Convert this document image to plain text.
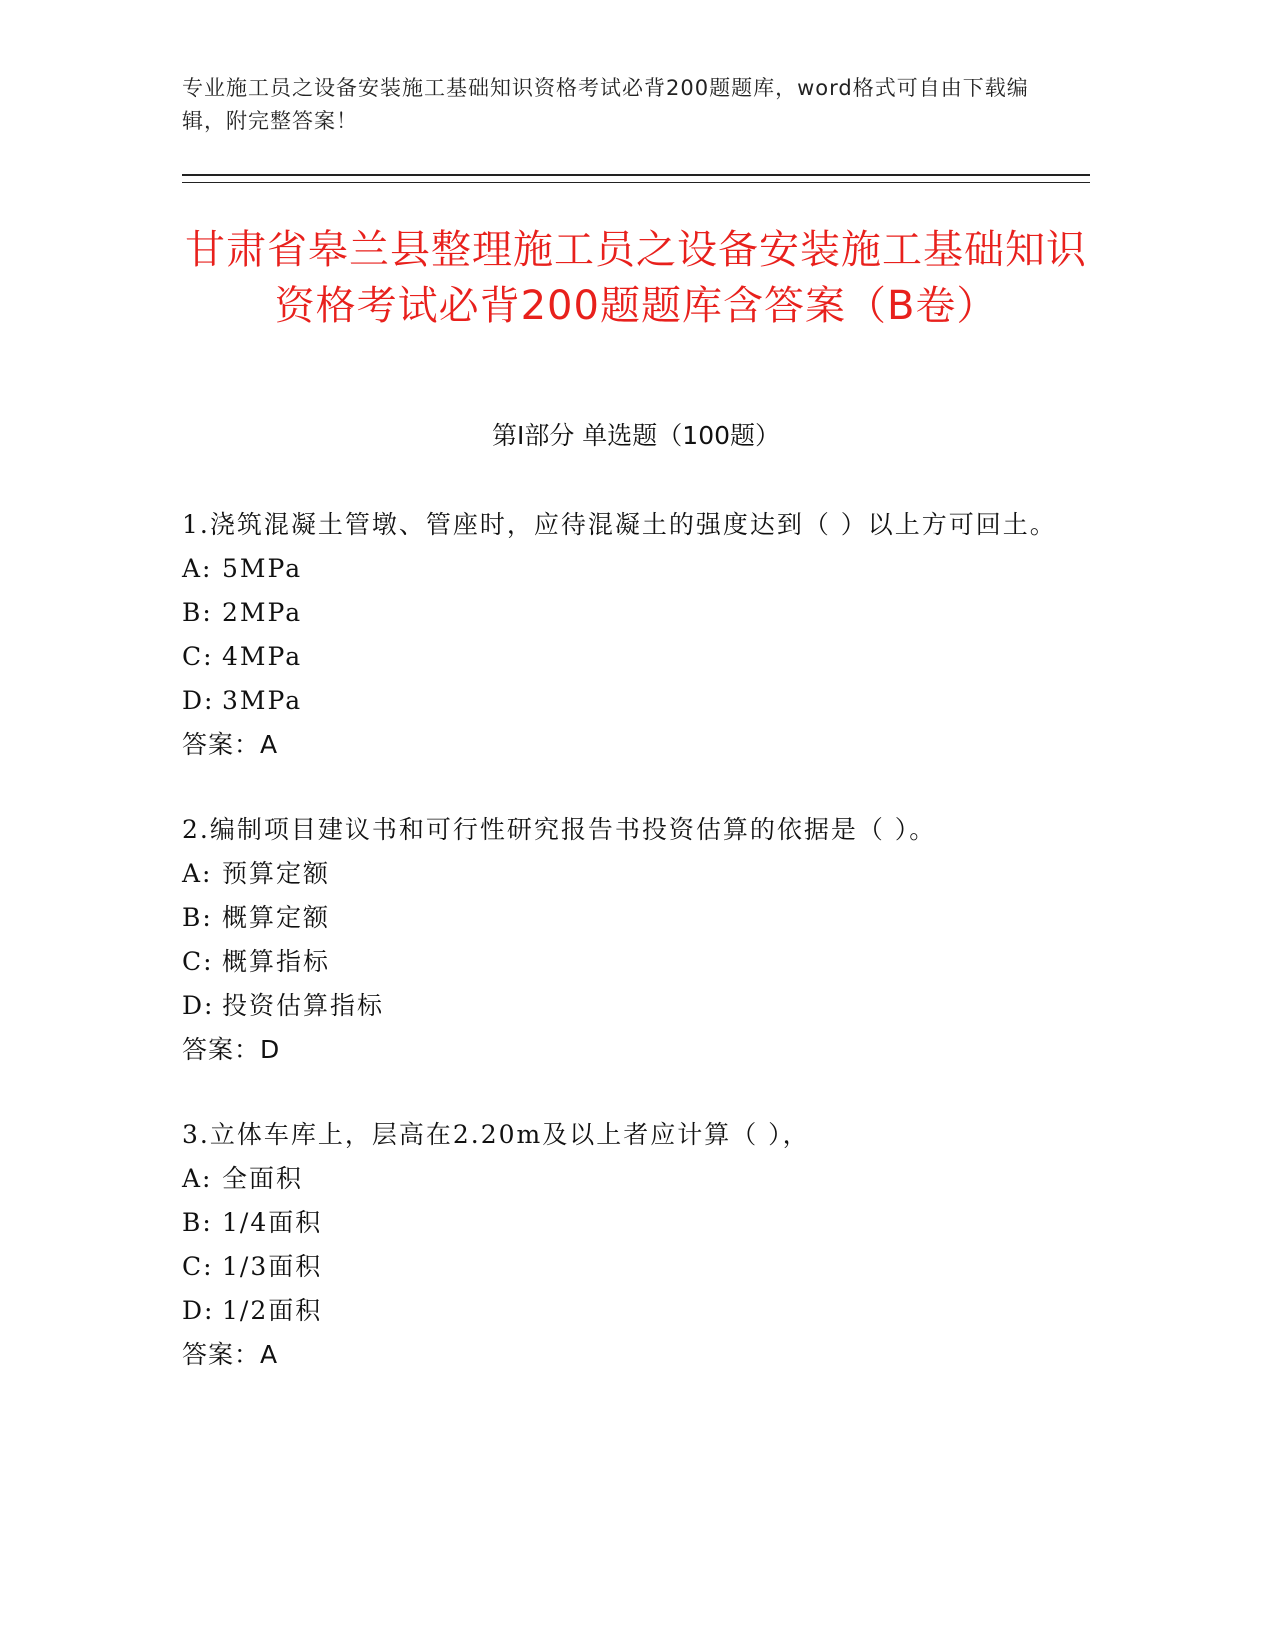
专业施工员之设备安装施工基础知识资格考试必背200题题库，word格式可自由下载编辑，附完整答案！
甘肃省皋兰县整理施工员之设备安装施工基础知识资格考试必背200题题库含答案（B卷）
第I部分 单选题（100题）
1.浇筑混凝土管墩、管座时，应待混凝土的强度达到（ ）以上方可回土。
A: 5MPa
B: 2MPa
C: 4MPa
D: 3MPa
答案：A
2.编制项目建议书和可行性研究报告书投资估算的依据是（ ）。
A: 预算定额
B: 概算定额
C: 概算指标
D: 投资估算指标
答案：D
3.立体车库上，层高在2.20m及以上者应计算（ ），
A: 全面积
B: 1/4面积
C: 1/3面积
D: 1/2面积
答案：A
